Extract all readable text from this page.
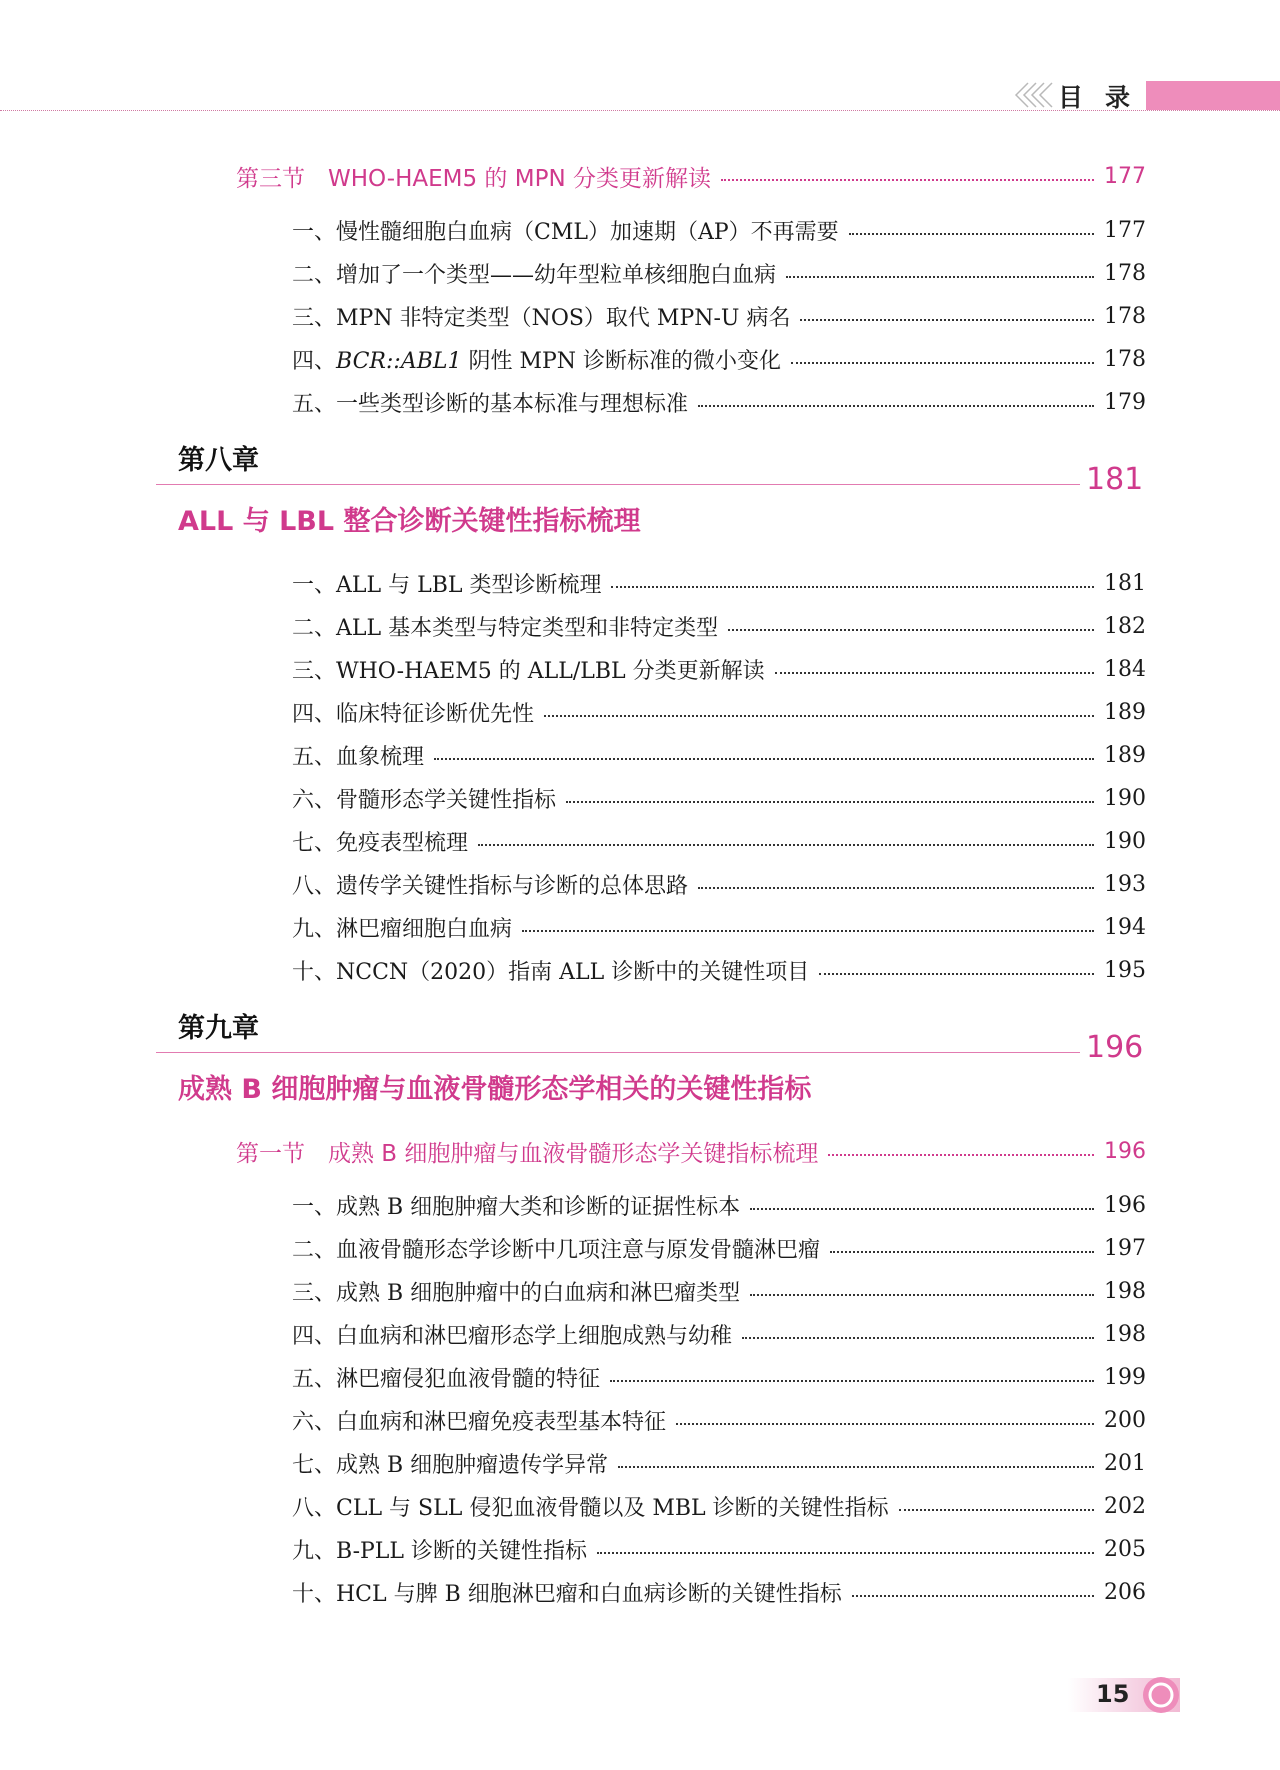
目录
第三节　WHO-HAEM5 的 MPN 分类更新解读	177
一、慢性髓细胞白血病（CML）加速期（AP）不再需要	177
二、增加了一个类型——幼年型粒单核细胞白血病	178
三、MPN 非特定类型（NOS）取代 MPN-U 病名	178
四、BCR::ABL1 阴性 MPN 诊断标准的微小变化	178
五、一些类型诊断的基本标准与理想标准	179
第八章
181
ALL 与 LBL 整合诊断关键性指标梳理
一、ALL 与 LBL 类型诊断梳理	181
二、ALL 基本类型与特定类型和非特定类型	182
三、WHO-HAEM5 的 ALL/LBL 分类更新解读	184
四、临床特征诊断优先性	189
五、血象梳理	189
六、骨髓形态学关键性指标	190
七、免疫表型梳理	190
八、遗传学关键性指标与诊断的总体思路	193
九、淋巴瘤细胞白血病	194
十、NCCN（2020）指南 ALL 诊断中的关键性项目	195
第九章
196
成熟 B 细胞肿瘤与血液骨髓形态学相关的关键性指标
第一节　成熟 B 细胞肿瘤与血液骨髓形态学关键指标梳理	196
一、成熟 B 细胞肿瘤大类和诊断的证据性标本	196
二、血液骨髓形态学诊断中几项注意与原发骨髓淋巴瘤	197
三、成熟 B 细胞肿瘤中的白血病和淋巴瘤类型	198
四、白血病和淋巴瘤形态学上细胞成熟与幼稚	198
五、淋巴瘤侵犯血液骨髓的特征	199
六、白血病和淋巴瘤免疫表型基本特征	200
七、成熟 B 细胞肿瘤遗传学异常	201
八、CLL 与 SLL 侵犯血液骨髓以及 MBL 诊断的关键性指标	202
九、B-PLL 诊断的关键性指标	205
十、HCL 与脾 B 细胞淋巴瘤和白血病诊断的关键性指标	206
15
